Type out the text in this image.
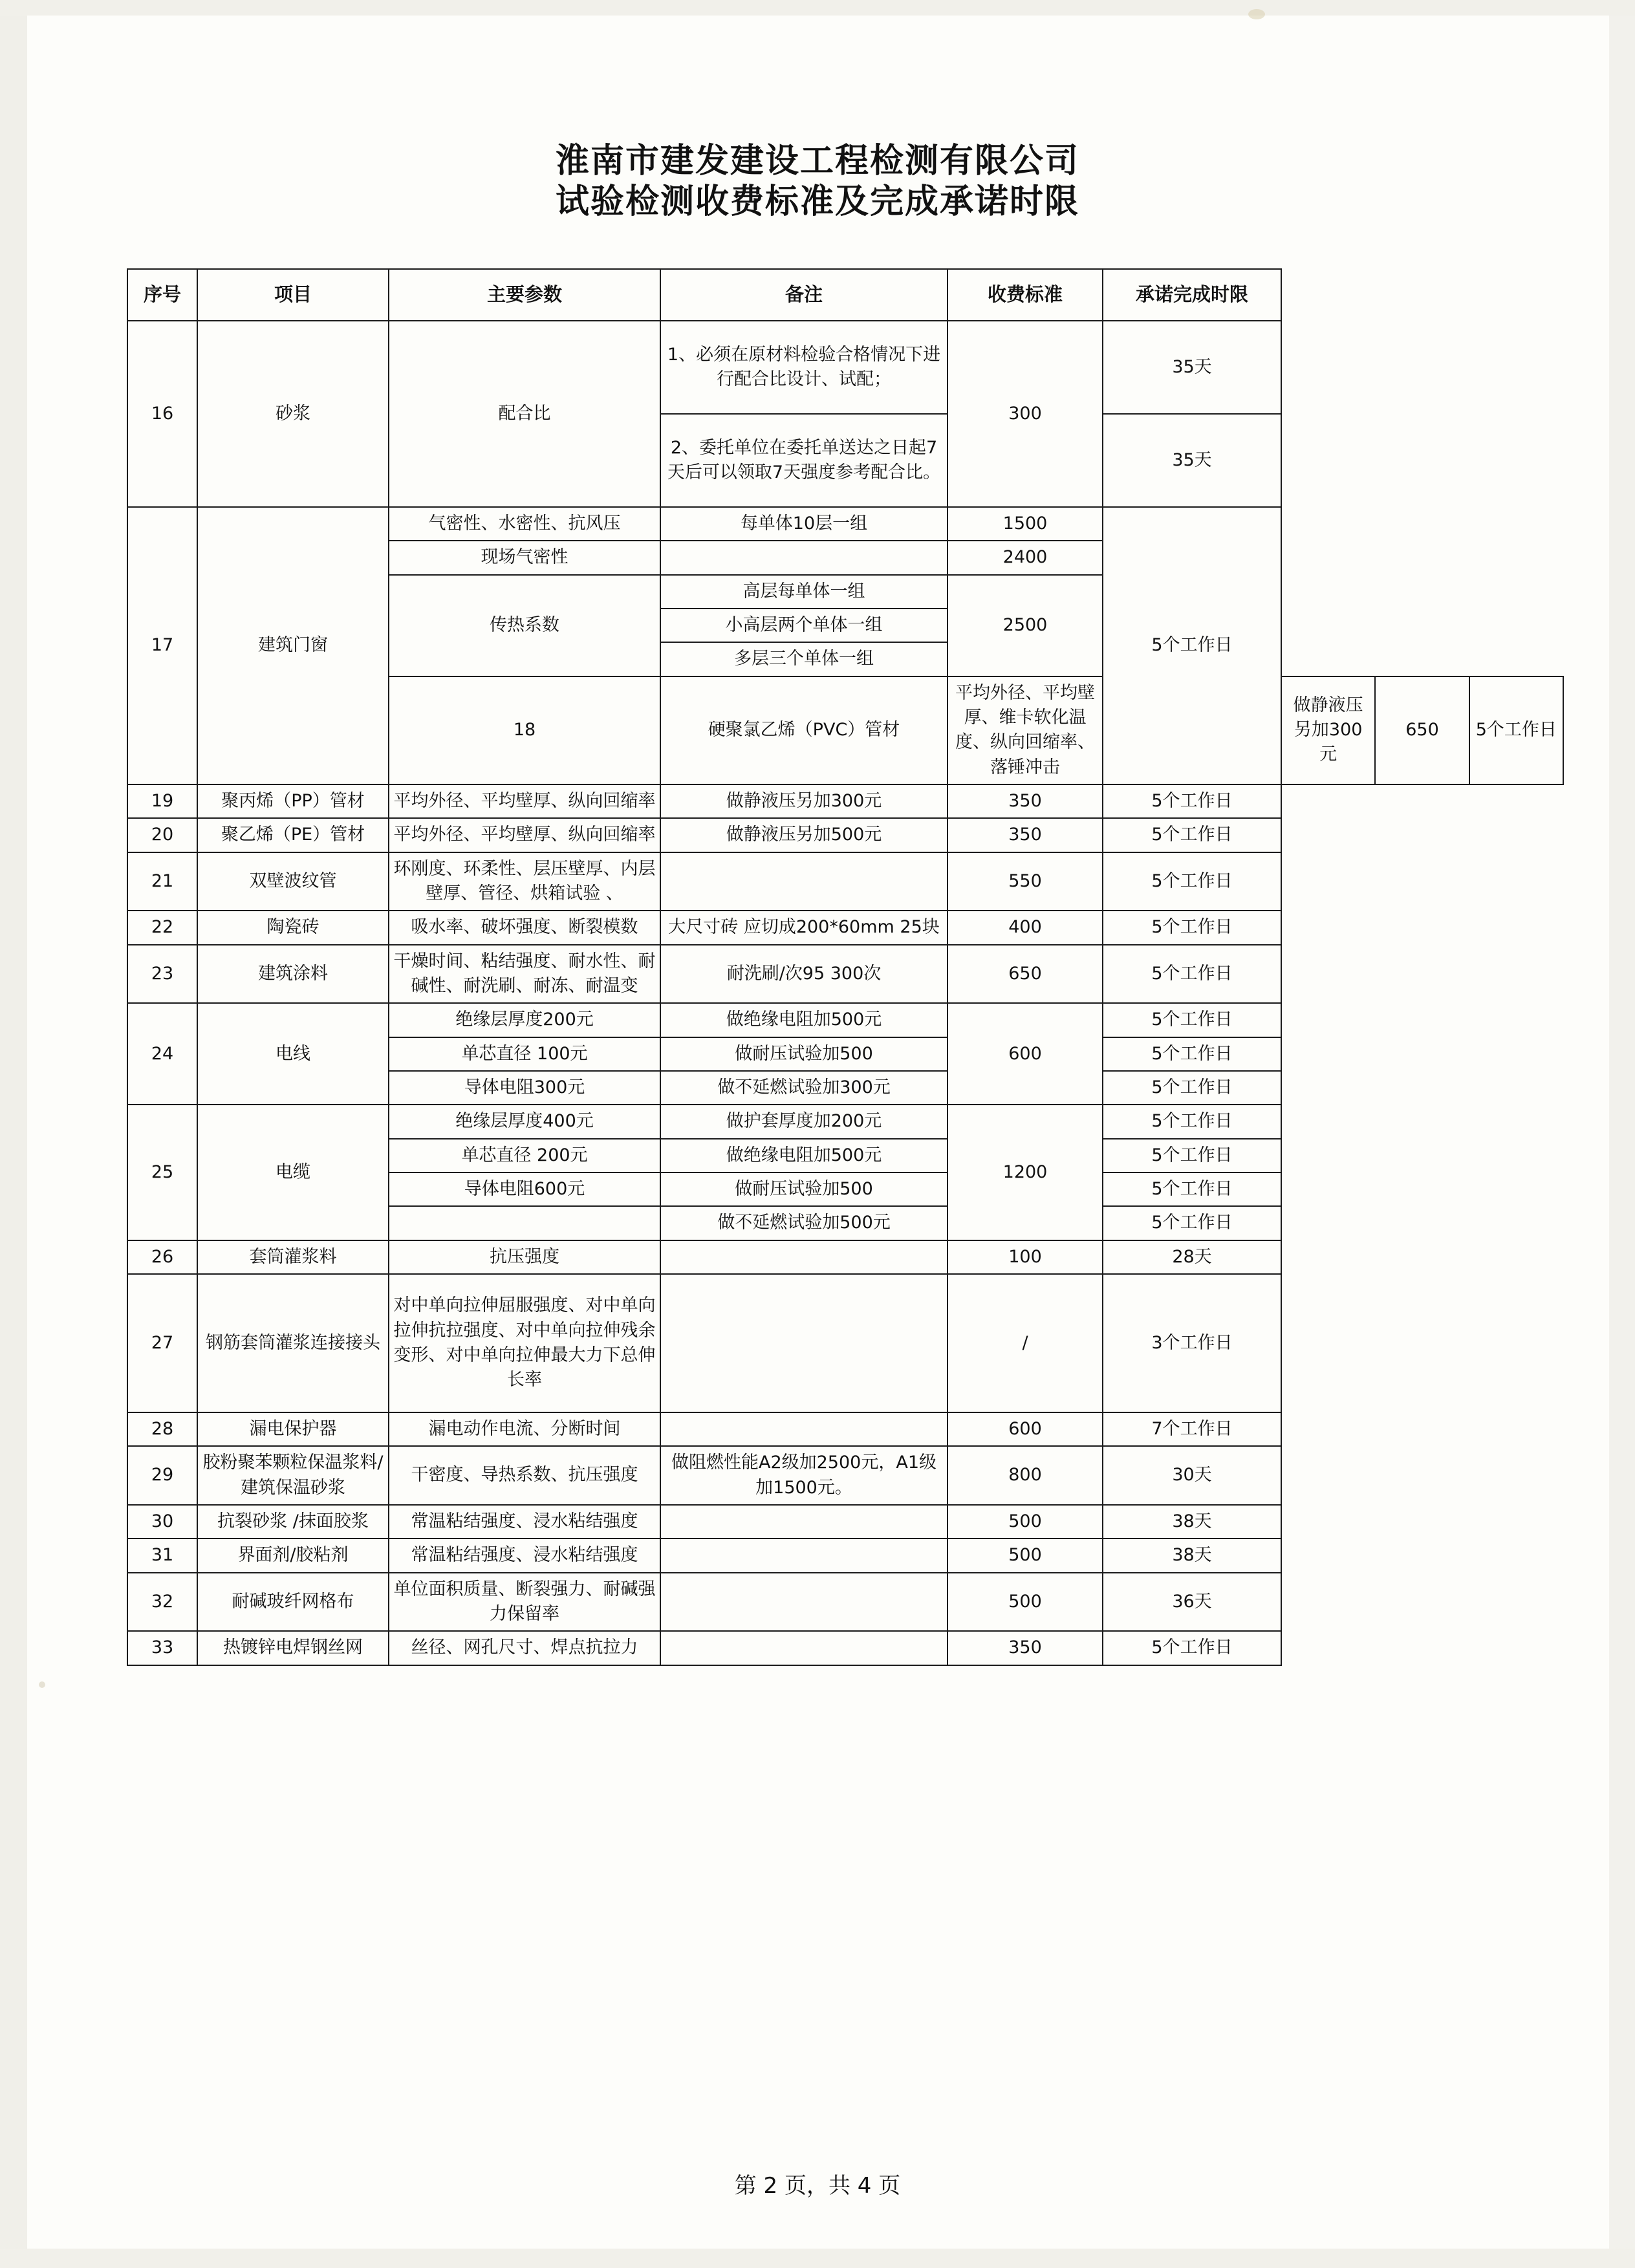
淮南市建发建设工程检测有限公司
试验检测收费标准及完成承诺时限
序号	项目	主要参数	备注	收费标准	承诺完成时限			
16	砂浆	配合比	1、必须在原材料检验合格情况下进行配合比设计、试配；	300	35天			
			2、委托单位在委托单送达之日起7天后可以领取7天强度参考配合比。		35天			
17	建筑门窗	气密性、水密性、抗风压	每单体10层一组	1500	5个工作日			
		现场气密性		2400				
		传热系数	高层每单体一组	2500				
			小高层两个单体一组					
			多层三个单体一组					
		18	硬聚氯乙烯（PVC）管材	平均外径、平均壁厚、维卡软化温度、纵向回缩率、落锤冲击		做静液压另加300元	650	5个工作日
19	聚丙烯（PP）管材	平均外径、平均壁厚、纵向回缩率	做静液压另加300元	350	5个工作日			
20	聚乙烯（PE）管材	平均外径、平均壁厚、纵向回缩率	做静液压另加500元	350	5个工作日			
21	双壁波纹管	环刚度、环柔性、层压壁厚、内层壁厚、管径、烘箱试验 、		550	5个工作日			
22	陶瓷砖	吸水率、破坏强度、断裂模数	大尺寸砖 应切成200*60mm 25块	400	5个工作日			
23	建筑涂料	干燥时间、粘结强度、耐水性、耐碱性、耐洗刷、耐冻、耐温变	耐洗刷/次95 300次	650	5个工作日			
24	电线	绝缘层厚度200元	做绝缘电阻加500元	600	5个工作日			
		单芯直径 100元	做耐压试验加500		5个工作日			
		导体电阻300元	做不延燃试验加300元		5个工作日			
25	电缆	绝缘层厚度400元	做护套厚度加200元	1200	5个工作日			
		单芯直径 200元	做绝缘电阻加500元		5个工作日			
		导体电阻600元	做耐压试验加500		5个工作日			
			做不延燃试验加500元		5个工作日			
26	套筒灌浆料	抗压强度		100	28天			
27	钢筋套筒灌浆连接接头	对中单向拉伸屈服强度、对中单向拉伸抗拉强度、对中单向拉伸残余变形、对中单向拉伸最大力下总伸长率		/	3个工作日			
28	漏电保护器	漏电动作电流、分断时间		600	7个工作日			
29	胶粉聚苯颗粒保温浆料/建筑保温砂浆	干密度、导热系数、抗压强度	做阻燃性能A2级加2500元，A1级加1500元。	800	30天			
30	抗裂砂浆 /抹面胶浆	常温粘结强度、浸水粘结强度		500	38天			
31	界面剂/胶粘剂	常温粘结强度、浸水粘结强度		500	38天			
32	耐碱玻纤网格布	单位面积质量、断裂强力、耐碱强力保留率		500	36天			
33	热镀锌电焊钢丝网	丝径、网孔尺寸、焊点抗拉力		350	5个工作日			
第 2 页，共 4 页
